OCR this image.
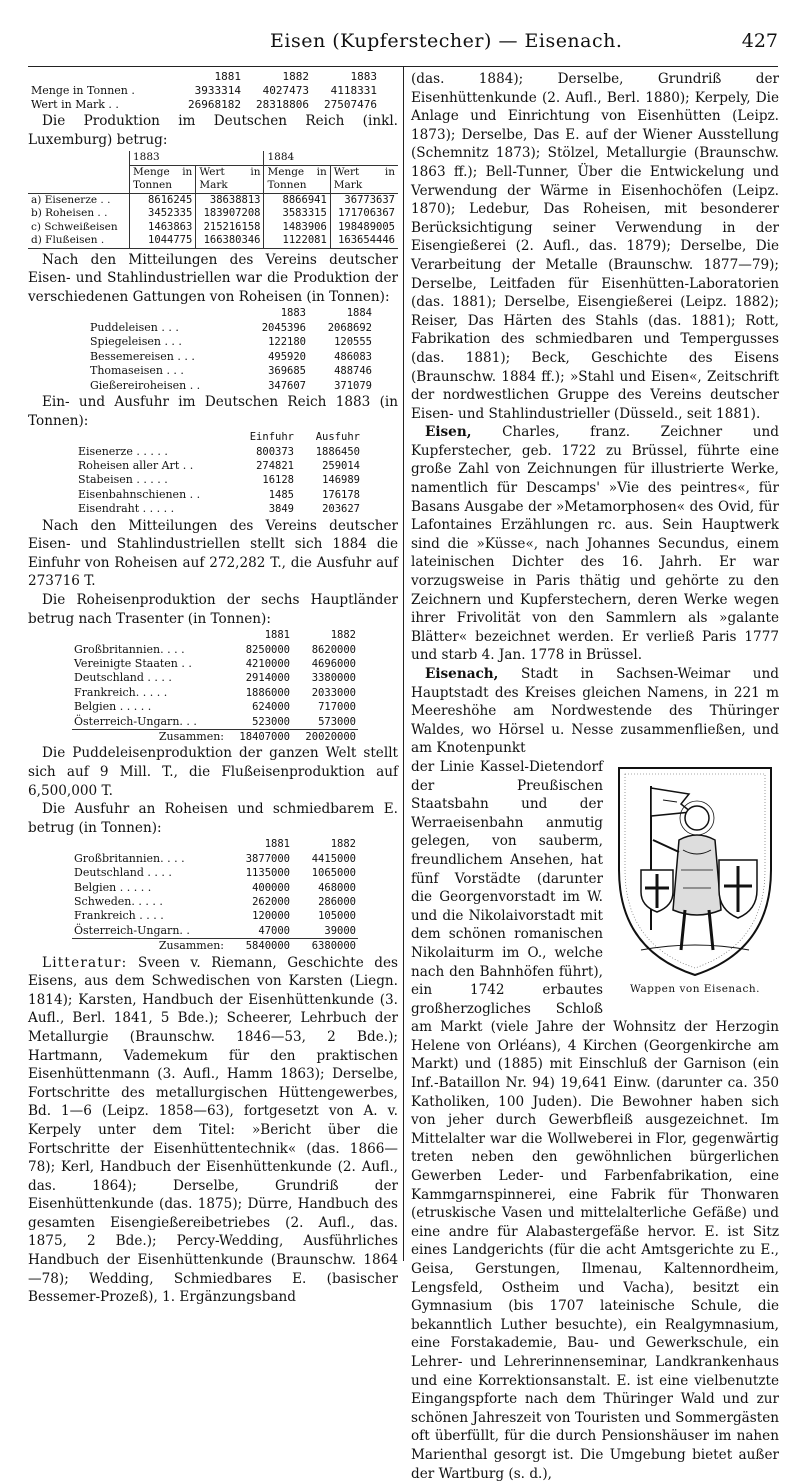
Eisen (Kupferstecher) — Eisenach.	427
	1881	1882	1883
Menge in Tonnen .	3933314	4027473	4118331
Wert in Mark . .	26968182	28318806	27507476

Die Produktion im Deutschen Reich (inkl. Luxemburg) betrug:

	1883		1884	
	Menge in Tonnen	Wert in Mark	Menge in Tonnen	Wert in Mark
a) Eisenerze . .	8616245	38638813	8866941	36773637
b) Roheisen . .	3452335	183907208	3583315	171706367
c) Schweißeisen	1463863	215216158	1483906	198489005
d) Flußeisen .	1044775	166380346	1122081	163654446

Nach den Mitteilungen des Vereins deutscher Eisen- und Stahlindustriellen war die Produktion der verschiedenen Gattungen von Roheisen (in Tonnen):

	1883	1884
Puddeleisen . . .	2045396	2068692
Spiegeleisen . . .	122180	120555
Bessemereisen . . .	495920	486083
Thomaseisen . . .	369685	488746
Gießereiroheisen . .	347607	371079

Ein- und Ausfuhr im Deutschen Reich 1883 (in Tonnen):

	Einfuhr	Ausfuhr
Eisenerze . . . . .	800373	1886450
Roheisen aller Art . .	274821	259014
Stabeisen . . . . .	16128	146989
Eisenbahnschienen . .	1485	176178
Eisendraht . . . . .	3849	203627

Nach den Mitteilungen des Vereins deutscher Eisen- und Stahlindustriellen stellt sich 1884 die Einfuhr von Roheisen auf 272,282 T., die Ausfuhr auf 273716 T.

Die Roheisenproduktion der sechs Hauptländer betrug nach Trasenter (in Tonnen):

	1881	1882
Großbritannien. . . .	8250000	8620000
Vereinigte Staaten . .	4210000	4696000
Deutschland . . . .	2914000	3380000
Frankreich. . . . .	1886000	2033000
Belgien . . . . .	624000	717000
Österreich-Ungarn. . .	523000	573000
Zusammen:	18407000	20020000

Die Puddeleisenproduktion der ganzen Welt stellt sich auf 9 Mill. T., die Flußeisenproduktion auf 6,500,000 T.

Die Ausfuhr an Roheisen und schmiedbarem E. betrug (in Tonnen):

	1881	1882
Großbritannien. . . .	3877000	4415000
Deutschland . . . .	1135000	1065000
Belgien . . . . .	400000	468000
Schweden. . . . .	262000	286000
Frankreich . . . .	120000	105000
Österreich-Ungarn. .	47000	39000
Zusammen:	5840000	6380000

Litteratur: Sveen v. Riemann, Geschichte des Eisens, aus dem Schwedischen von Karsten (Liegn. 1814); Karsten, Handbuch der Eisenhüttenkunde (3. Aufl., Berl. 1841, 5 Bde.); Scheerer, Lehrbuch der Metallurgie (Braunschw. 1846—53, 2 Bde.); Hartmann, Vademekum für den praktischen Eisenhüttenmann (3. Aufl., Hamm 1863); Derselbe, Fortschritte des metallurgischen Hüttengewerbes, Bd. 1—6 (Leipz. 1858—63), fortgesetzt von A. v. Kerpely unter dem Titel: »Bericht über die Fortschritte der Eisenhüttentechnik« (das. 1866—78); Kerl, Handbuch der Eisenhüttenkunde (2. Aufl., das. 1864); Derselbe, Grundriß der Eisenhüttenkunde (das. 1875); Dürre, Handbuch des gesamten Eisengießereibetriebes (2. Aufl., das. 1875, 2 Bde.); Percy-Wedding, Ausführliches Handbuch der Eisenhüttenkunde (Braunschw. 1864—78); Wedding, Schmiedbares E. (basischer Bessemer-Prozeß), 1. Ergänzungsband

(das. 1884); Derselbe, Grundriß der Eisenhüttenkunde (2. Aufl., Berl. 1880); Kerpely, Die Anlage und Einrichtung von Eisenhütten (Leipz. 1873); Derselbe, Das E. auf der Wiener Ausstellung (Schemnitz 1873); Stölzel, Metallurgie (Braunschw. 1863 ff.); Bell-Tunner, Über die Entwickelung und Verwendung der Wärme in Eisenhochöfen (Leipz. 1870); Ledebur, Das Roheisen, mit besonderer Berücksichtigung seiner Verwendung in der Eisengießerei (2. Aufl., das. 1879); Derselbe, Die Verarbeitung der Metalle (Braunschw. 1877—79); Derselbe, Leitfaden für Eisenhütten-Laboratorien (das. 1881); Derselbe, Eisengießerei (Leipz. 1882); Reiser, Das Härten des Stahls (das. 1881); Rott, Fabrikation des schmiedbaren und Tempergusses (das. 1881); Beck, Geschichte des Eisens (Braunschw. 1884 ff.); »Stahl und Eisen«, Zeitschrift der nordwestlichen Gruppe des Vereins deutscher Eisen- und Stahlindustrieller (Düsseld., seit 1881).

Eisen, Charles, franz. Zeichner und Kupferstecher, geb. 1722 zu Brüssel, führte eine große Zahl von Zeichnungen für illustrierte Werke, namentlich für Descamps' »Vie des peintres«, für Basans Ausgabe der »Metamorphosen« des Ovid, für Lafontaines Erzählungen rc. aus. Sein Hauptwerk sind die »Küsse«, nach Johannes Secundus, einem lateinischen Dichter des 16. Jahrh. Er war vorzugsweise in Paris thätig und gehörte zu den Zeichnern und Kupferstechern, deren Werke wegen ihrer Frivolität von den Sammlern als »galante Blätter« bezeichnet werden. Er verließ Paris 1777 und starb 4. Jan. 1778 in Brüssel.

Eisenach, Stadt in Sachsen-Weimar und Hauptstadt des Kreises gleichen Namens, in 221 m Meereshöhe am Nordwestende des Thüringer Waldes, wo Hörsel u. Nesse zusammenfließen, und am Knotenpunkt

Wappen von Eisenach.

der Linie Kassel-Dietendorf der Preußischen Staatsbahn und der Werraeisenbahn anmutig gelegen, von sauberm, freundlichem Ansehen, hat fünf Vorstädte (darunter die Georgenvorstadt im W. und die Nikolaivorstadt mit dem schönen romanischen Nikolaiturm im O., welche nach den Bahnhöfen führt), ein 1742 erbautes großherzogliches Schloß am Markt (viele Jahre der Wohnsitz der Herzogin Helene von Orléans), 4 Kirchen (Georgenkirche am Markt) und (1885) mit Einschluß der Garnison (ein Inf.-Bataillon Nr. 94) 19,641 Einw. (darunter ca. 350 Katholiken, 100 Juden). Die Bewohner haben sich von jeher durch Gewerbfleiß ausgezeichnet. Im Mittelalter war die Wollweberei in Flor, gegenwärtig treten neben den gewöhnlichen bürgerlichen Gewerben Leder- und Farbenfabrikation, eine Kammgarnspinnerei, eine Fabrik für Thonwaren (etruskische Vasen und mittelalterliche Gefäße) und eine andre für Alabastergefäße hervor. E. ist Sitz eines Landgerichts (für die acht Amtsgerichte zu E., Geisa, Gerstungen, Ilmenau, Kaltennordheim, Lengsfeld, Ostheim und Vacha), besitzt ein Gymnasium (bis 1707 lateinische Schule, die bekanntlich Luther besuchte), ein Realgymnasium, eine Forstakademie, Bau- und Gewerkschule, ein Lehrer- und Lehrerinnenseminar, Landkrankenhaus und eine Korrektionsanstalt. E. ist eine vielbenutzte Eingangspforte nach dem Thüringer Wald und zur schönen Jahreszeit von Touristen und Sommergästen oft überfüllt, für die durch Pensionshäuser im nahen Marienthal gesorgt ist. Die Umgebung bietet außer der Wartburg (s. d.),
